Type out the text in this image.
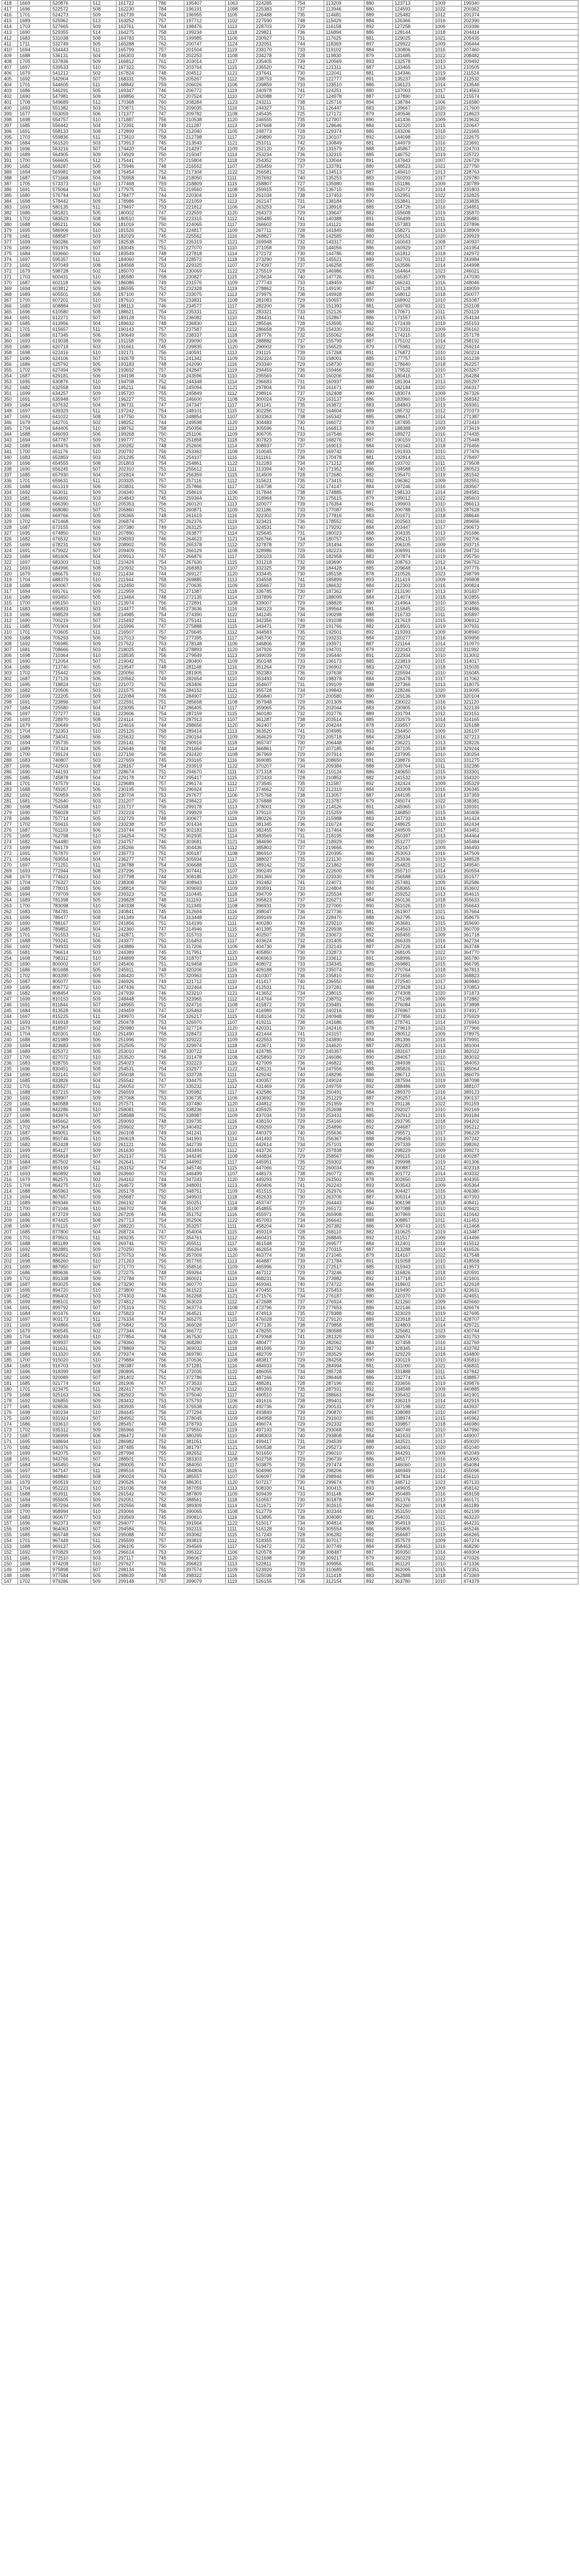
418	1669	520876	512	161722	786	195407	1063	224285	754	113209	880	123713	1009	199340
417	1696	522572	508	162230	784	196191	1098	225383	737	113946	880	124593	1022	200362
416	1701	524273	509	162739	764	196955	1105	226488	735	114681	889	125482	1012	201374
415	1689	525962	513	163252	757	197712	1102	227590	748	115429	884	126366	1016	202390
414	1703	527665	509	163761	764	198476	1113	228703	729	116158	892	127258	1006	203396
413	1690	529355	514	164275	758	199234	1118	229821	736	116894	886	128144	1018	204414
412	1683	531038	508	164783	751	199985	1106	230927	731	117625	881	129025	1021	205435
411	1711	532749	505	165288	762	200747	1124	232051	744	118369	897	129922	1009	206444
410	1694	534443	511	165799	757	201504	1119	233170	733	119102	884	130806	1016	207460
409	1688	536131	504	166303	749	202253	1108	234278	728	119830	879	131685	1022	208482
408	1705	537836	509	166812	761	203014	1127	235405	739	120569	893	132578	1010	209492
407	1697	539533	510	167322	750	203764	1115	236520	742	121311	887	133465	1013	210505
406	1679	541212	502	167824	748	204512	1121	237641	730	122041	881	134346	1019	211524
405	1692	542904	507	168331	755	205267	1112	238753	736	122777	891	135237	1008	212532
404	1701	544605	511	168842	759	206026	1106	239859	733	123510	886	136123	1014	213546
403	1686	546291	505	169347	746	206772	1119	240978	741	124251	880	137003	1017	214563
402	1690	547981	509	169856	752	207524	1110	242088	727	124978	887	137890	1011	215574
401	1708	549689	512	170368	760	208284	1123	243211	738	125716	894	138784	1006	216580
400	1693	551382	503	170871	751	209035	1116	244327	731	126447	883	139667	1020	217600
399	1677	553059	506	171377	747	209782	1108	245435	725	127172	879	140546	1023	218623
398	1698	554757	510	171887	756	210538	1120	246555	735	127907	890	141436	1009	219632
397	1685	556442	504	172391	749	211287	1113	247668	739	128646	884	142320	1015	220647
396	1691	558133	508	172899	753	212040	1105	248773	728	129374	886	143206	1018	221665
395	1703	559836	511	173410	758	212798	1117	249890	733	130107	892	144098	1010	222675
394	1684	561520	503	173913	745	213543	1121	251011	742	130849	881	144979	1016	223691
393	1696	563216	507	174420	754	214297	1109	252120	730	131579	888	145867	1012	224703
392	1689	564905	509	174929	750	215047	1114	253234	736	132315	885	146752	1019	225722
391	1700	566605	512	175441	757	215804	1118	254352	729	133044	891	147643	1007	226729
390	1682	568287	505	175946	748	216552	1107	255459	737	133781	880	148523	1021	227750
389	1694	569981	508	176454	752	217304	1122	256581	732	134513	887	149410	1013	228763
388	1687	571668	504	176958	746	218050	1111	257692	740	135253	883	150293	1017	229780
387	1705	573373	510	177468	759	218809	1115	258807	727	135980	893	151186	1009	230789
386	1691	575064	507	177975	751	219560	1108	259915	735	136715	886	152072	1014	231803
385	1680	576744	502	178477	744	220304	1119	261034	738	137453	879	152951	1022	232825
384	1698	578442	509	178986	755	221059	1113	262147	731	138184	890	153841	1010	233835
383	1693	580135	511	179497	753	221812	1106	263253	734	138918	885	154726	1016	234851
382	1686	581821	505	180002	747	222559	1120	264373	729	139647	882	155608	1019	235870
381	1702	583523	508	180510	756	223315	1112	265485	741	140388	891	156499	1011	236881
380	1688	585211	506	181016	750	224065	1117	266602	733	141121	884	157383	1015	237896
379	1695	586906	510	181526	752	224817	1109	267711	728	141849	888	158271	1013	238909
378	1681	588587	503	182029	745	225562	1116	268827	736	142585	880	159151	1020	239929
377	1699	590286	509	182538	757	226319	1121	269948	732	143317	892	160043	1008	240937
376	1690	591976	507	183045	751	227070	1110	271058	739	144056	886	160929	1017	241954
375	1684	593660	504	183549	748	227818	1114	272172	730	144786	883	161812	1018	242972
374	1697	595357	511	184060	754	228572	1118	273290	735	145521	889	162701	1012	243984
373	1692	597049	508	184568	753	229325	1107	274397	737	146258	885	163586	1014	244998
372	1679	598728	502	185070	744	230069	1122	275519	728	146986	878	164464	1023	246021
371	1703	600431	510	185580	758	230827	1115	276634	740	147726	893	165357	1009	247030
370	1687	602118	506	186086	749	231576	1109	277743	733	148459	884	166241	1016	248046
369	1694	603812	509	186595	752	232328	1119	278862	731	149190	887	167128	1013	249059
368	1689	605501	505	187100	747	233075	1113	279975	738	149928	884	168012	1018	250077
367	1700	607201	510	187610	756	233831	1108	281083	729	150657	890	168902	1010	251087
366	1683	608884	503	188113	746	234577	1117	282200	736	151393	881	169783	1021	252108
365	1696	610580	508	188621	754	235331	1121	283321	733	152126	888	170671	1011	253119
364	1691	612271	507	189128	751	236082	1110	284431	741	152867	886	171557	1015	254134
363	1685	613956	504	189632	748	236830	1115	285546	728	153595	882	172439	1019	255153
362	1701	615657	511	190143	757	237587	1112	286658	735	154330	892	173331	1009	256162
361	1688	617345	506	190649	750	238337	1118	287776	732	155062	884	174215	1016	257178
360	1693	619038	509	191158	753	239090	1106	288882	737	155799	887	175102	1014	258192
359	1680	620718	503	191661	745	239835	1120	290002	730	156529	879	175981	1022	259214
358	1698	622416	510	192171	756	240591	1113	291115	739	157268	891	176872	1010	260224
357	1690	624106	507	192678	751	241342	1109	292224	733	158001	885	177757	1015	261239
356	1686	625792	505	193183	748	242090	1116	293340	729	158730	883	178640	1018	262257
355	1702	627494	509	193692	757	242847	1119	294459	736	159466	892	179532	1010	263267
354	1687	629181	506	194198	749	243596	1110	295569	740	160206	884	180416	1017	264284
353	1695	630876	510	194708	752	244348	1114	296683	731	160937	888	181304	1013	265297
352	1682	632558	503	195211	746	245094	1121	297804	734	161671	880	182184	1020	266317
351	1699	634257	509	195720	755	245849	1112	298916	737	162408	890	183074	1009	267326
350	1691	635948	507	196227	751	246600	1108	300024	729	163137	886	183960	1016	268342
349	1684	637632	504	196731	747	247347	1117	301141	735	163872	883	184843	1019	269361
348	1697	639329	511	197242	754	248101	1115	302256	732	164604	889	185732	1012	270373
347	1693	641022	508	197750	753	248854	1107	303363	738	165342	885	186617	1014	271387
346	1679	642701	502	198252	744	249598	1120	304483	730	166072	878	187495	1023	272410
345	1704	644405	510	198762	758	250356	1113	305596	741	166813	893	188388	1009	273419
344	1688	646093	506	199268	750	251106	1109	306705	733	167546	884	189272	1016	274435
343	1694	647787	509	199777	752	251858	1118	307823	730	168276	887	190159	1013	275448
342	1689	649476	505	200282	748	252606	1114	308937	737	169013	884	191043	1018	276466
341	1700	651176	510	200792	756	253362	1108	310045	729	169742	890	191933	1010	277476
340	1683	652859	503	201295	745	254107	1116	311161	736	170478	881	192814	1021	278497
339	1696	654555	508	201803	754	254861	1122	312283	734	171212	888	193702	1011	279508
338	1690	656245	507	202310	751	255612	1111	313394	740	171952	886	194588	1015	280523
337	1685	657930	504	202814	747	256359	1115	314509	728	172680	882	195470	1019	281542
336	1701	659631	511	203325	757	257116	1112	315621	735	173415	892	196362	1009	282551
335	1688	661319	506	203831	750	257866	1117	316738	732	174147	884	197246	1016	283567
334	1692	663011	509	204340	753	258619	1106	317844	738	174885	887	198133	1014	284581
333	1681	664692	503	204843	745	259364	1120	318964	730	175615	879	199012	1022	285603
332	1698	666390	510	205353	756	260120	1113	320077	739	176354	891	199903	1010	286613
331	1690	668080	507	205860	751	260871	1109	321186	733	177087	885	200788	1015	287628
330	1686	669766	505	206365	748	261619	1116	322302	729	177816	883	201671	1018	288646
329	1702	671468	509	206874	757	262376	1119	323421	736	178552	892	202563	1010	289656
328	1687	673155	506	207380	749	263125	1110	324531	740	179292	884	203447	1017	290673
327	1695	674850	510	207890	752	263877	1114	325645	731	180023	888	204335	1013	291686
326	1682	676532	503	208393	746	264623	1121	326766	734	180757	880	205215	1020	292706
325	1699	678231	509	208902	755	265378	1112	327878	737	181494	890	206105	1009	293715
324	1691	679922	507	209409	751	266129	1108	328986	729	182223	886	206991	1016	294731
323	1684	681606	504	209913	747	266876	1117	330103	735	182958	883	207874	1019	295750
322	1697	683303	511	210424	754	267630	1115	331218	732	183690	889	208763	1012	296762
321	1693	684996	508	210932	753	268383	1107	332325	738	184428	885	209648	1014	297776
320	1679	686675	502	211434	744	269127	1120	333445	730	185158	878	210526	1023	298799
319	1704	688379	510	211944	758	269885	1113	334558	741	185899	893	211419	1009	299808
318	1688	690067	506	212450	750	270635	1109	335667	733	186632	884	212303	1016	300824
317	1694	691761	509	212959	752	271387	1118	336785	730	187362	887	213190	1013	301837
316	1689	693450	505	213464	748	272135	1114	337899	737	188099	884	214074	1018	302855
315	1700	695150	510	213974	756	272891	1108	339007	729	188828	890	214964	1010	303865
314	1683	696833	503	214477	745	273636	1116	340123	736	189564	881	215845	1021	304886
313	1696	698529	508	214985	754	274390	1122	341245	734	190298	888	216733	1011	305897
312	1690	700219	507	215492	751	275141	1111	342356	740	191038	886	217619	1015	306912
311	1685	701904	504	215996	747	275888	1115	343471	728	191766	882	218501	1019	307931
310	1701	703605	511	216507	757	276645	1112	344583	735	192501	892	219393	1009	308940
309	1688	705293	506	217013	750	277395	1117	345700	732	193233	884	220277	1016	309956
308	1692	706985	509	217522	753	278148	1106	346806	738	193971	887	221164	1014	310970
307	1681	708666	503	218025	745	278893	1120	347926	730	194701	879	222043	1022	311992
306	1698	710364	510	218535	756	279649	1113	349039	739	195440	891	222934	1010	313002
305	1690	712054	507	219042	751	280400	1109	350148	733	196173	885	223819	1015	314017
304	1686	713740	505	219547	748	281148	1116	351264	729	196902	883	224702	1018	315035
303	1702	715442	509	220056	757	281905	1119	352383	736	197638	892	225594	1010	316045
302	1687	717129	506	220562	749	282654	1110	353493	740	198378	884	226478	1017	317062
301	1695	718824	510	221072	752	283406	1114	354607	731	199109	888	227366	1013	318075
300	1682	720506	503	221575	746	284152	1121	355728	734	199843	880	228246	1020	319095
299	1699	722205	509	222084	755	284907	1112	356840	737	200580	890	229136	1009	320104
298	1691	723896	507	222591	751	285658	1108	357948	729	201309	886	230022	1016	321120
297	1684	725580	504	223095	747	286405	1117	359065	735	202044	883	230905	1019	322139
296	1697	727277	511	223606	754	287159	1115	360180	732	202776	889	231794	1012	323151
295	1693	728970	508	224114	753	287912	1107	361287	738	203514	885	232679	1014	324165
294	1679	730649	502	224616	744	288656	1120	362407	730	204244	878	233557	1023	325188
293	1704	732353	510	225126	758	289414	1113	363520	741	204985	893	234450	1009	326197
292	1688	734041	506	225632	750	290164	1109	364629	733	205718	884	235334	1016	327213
291	1694	735735	509	226141	752	290916	1118	365747	730	206448	887	236221	1013	328226
290	1689	737424	505	226646	748	291664	1114	366861	737	207185	884	237105	1018	329244
289	1700	739124	510	227156	756	292420	1108	367969	729	207914	890	237995	1010	330254
288	1683	740807	503	227659	745	293165	1116	369085	736	208650	881	238876	1021	331275
287	1696	742503	508	228167	754	293919	1122	370207	734	209384	888	239764	1011	332286
286	1690	744193	507	228674	751	294670	1111	371318	740	210124	886	240650	1015	333301
285	1685	745878	504	229178	747	295417	1115	372433	728	210852	882	241532	1019	334320
284	1701	747579	511	229689	757	296174	1112	373545	735	211587	892	242424	1009	335329
283	1688	749267	506	230195	750	296924	1117	374662	732	212319	884	243308	1016	336345
282	1692	750959	509	230704	753	297677	1106	375768	738	213057	887	244195	1014	337359
281	1681	752640	503	231207	745	298422	1120	376888	730	213787	879	245074	1022	338381
280	1698	754338	510	231717	756	299178	1113	378001	739	214526	891	245965	1010	339391
279	1690	756028	507	232224	751	299929	1109	379110	733	215259	885	246850	1015	340406
278	1686	757714	505	232729	748	300677	1116	380226	729	215988	883	247733	1018	341424
277	1702	759416	509	233238	757	301434	1119	381345	736	216724	892	248625	1010	342434
276	1687	761103	506	233744	749	302183	1110	382455	740	217464	884	249509	1017	343451
275	1695	762798	510	234254	752	302935	1114	383569	731	218195	888	250397	1013	344464
274	1682	764480	503	234757	746	303681	1121	384690	734	218929	880	251277	1020	345484
273	1699	766179	509	235266	755	304436	1112	385802	737	219666	890	252167	1009	346493
272	1691	767870	507	235773	751	305187	1108	386910	729	220395	886	253053	1016	347509
271	1684	769554	504	236277	747	305934	1117	388027	735	221130	883	253936	1019	348528
270	1697	771251	511	236788	754	306688	1115	389142	732	221862	889	254825	1012	349540
269	1693	772944	508	237296	753	307441	1107	390249	738	222600	885	255710	1014	350554
268	1679	774623	502	237798	744	308185	1120	391369	730	223330	878	256588	1023	351577
267	1704	776327	510	238308	758	308943	1113	392482	741	224071	893	257481	1009	352586
266	1688	778015	506	238814	750	309693	1109	393591	733	224804	884	258365	1016	353602
265	1694	779709	509	239323	752	310445	1118	394709	730	225534	887	259252	1013	354615
264	1689	781398	505	239828	748	311193	1114	395823	737	226271	884	260136	1018	355633
263	1700	783098	510	240338	756	311949	1108	396931	729	227000	890	261026	1010	356643
262	1683	784781	503	240841	745	312694	1116	398047	736	227736	881	261907	1021	357664
261	1696	786477	508	241349	754	313448	1122	399169	734	228470	888	262795	1011	358675
260	1690	788167	507	241856	751	314199	1111	400280	740	229210	886	263681	1015	359690
259	1685	789852	504	242360	747	314946	1115	401395	728	229938	882	264563	1019	360709
258	1701	791553	511	242871	757	315703	1112	402507	735	230673	892	265455	1009	361718
257	1688	793241	506	243377	750	316453	1117	403624	732	231405	884	266339	1016	362734
256	1692	794933	509	243886	753	317206	1106	404730	738	232143	887	267226	1014	363748
255	1681	796614	503	244389	745	317951	1120	405850	730	232873	879	268105	1022	364770
254	1698	798312	510	244899	756	318707	1113	406963	739	233612	891	268996	1010	365780
253	1690	800002	507	245406	751	319458	1109	408072	733	234345	885	269881	1015	366795
252	1686	801688	505	245911	748	320206	1116	409188	729	235074	883	270764	1018	367813
251	1702	803390	509	246420	757	320963	1119	410307	736	235810	892	271656	1010	368823
250	1687	805077	506	246926	749	321712	1110	411417	740	236550	884	272540	1017	369840
249	1695	806772	510	247436	752	322464	1114	412531	731	237281	888	273428	1013	370853
248	1682	808454	503	247939	746	323210	1121	413652	734	238015	880	274308	1020	371873
247	1699	810153	509	248448	755	323965	1112	414764	737	238752	890	275198	1009	372882
246	1691	811844	507	248955	751	324716	1108	415872	729	239481	886	276084	1016	373898
245	1684	813528	504	249459	747	325463	1117	416989	735	240216	883	276967	1019	374917
244	1697	815225	511	249970	754	326217	1115	418104	732	240948	889	277856	1012	375929
243	1693	816918	508	250478	753	326970	1107	419211	738	241686	885	278741	1014	376943
242	1679	818597	502	250980	744	327714	1120	420331	730	242416	878	279619	1023	377966
241	1704	820301	510	251490	758	328472	1113	421444	741	243157	893	280512	1009	378975
240	1688	821989	506	251996	750	329222	1109	422553	733	243890	884	281396	1016	379991
239	1694	823683	509	252505	752	329974	1118	423671	730	244620	887	282283	1013	381004
238	1689	825372	505	253010	748	330722	1114	424785	737	245357	884	283167	1018	382022
237	1700	827072	510	253520	756	331478	1108	425893	729	246086	890	284057	1010	383032
236	1683	828755	503	254023	745	332223	1116	427009	736	246822	881	284938	1021	384053
235	1696	830451	508	254531	754	332977	1122	428131	734	247556	888	285826	1011	385064
234	1690	832141	507	255038	751	333728	1111	429242	740	248296	886	286712	1015	386079
233	1685	833826	504	255542	747	334475	1115	430357	728	249024	882	287594	1019	387098
232	1701	835527	511	256053	757	335232	1112	431469	735	249759	892	288486	1009	388107
231	1688	837215	506	256559	750	335982	1117	432586	732	250491	884	289370	1016	389123
230	1692	838907	509	257068	753	336735	1106	433692	738	251229	887	290257	1014	390137
229	1681	840588	503	257571	745	337480	1120	434812	730	251959	879	291136	1022	391159
228	1698	842286	510	258081	756	338236	1113	435925	739	252698	891	292027	1010	392169
227	1690	843976	507	258588	751	338987	1109	437034	733	253431	885	292912	1015	393184
226	1686	845662	505	259093	748	339735	1116	438150	729	254160	883	293795	1018	394202
225	1702	847364	509	259602	757	340492	1119	439269	736	254896	892	294687	1010	395212
224	1687	849051	506	260108	749	341241	1110	440379	740	255636	884	295571	1017	396229
223	1695	850746	510	260618	752	341993	1114	441493	731	256367	888	296459	1013	397242
222	1682	852428	503	261121	746	342739	1121	442614	734	257101	880	297339	1020	398262
221	1699	854127	509	261630	755	343494	1112	443726	737	257838	890	298229	1009	399271
220	1691	855818	507	262137	751	344245	1108	444834	729	258567	886	299115	1016	400287
219	1684	857502	504	262641	747	344992	1117	445951	735	259302	883	299998	1019	401306
218	1697	859199	511	263152	754	345746	1115	447066	732	260034	889	300887	1012	402318
217	1693	860892	508	263660	753	346499	1107	448173	738	260772	885	301772	1014	403332
216	1679	862571	502	264162	744	347243	1120	449293	730	261502	878	302650	1023	404355
215	1704	864275	510	264672	758	348001	1113	450406	741	262243	893	303543	1009	405364
214	1688	865963	506	265178	750	348751	1109	451515	733	262976	884	304427	1016	406380
213	1694	867657	509	265687	752	349503	1118	452633	730	263706	887	305314	1013	407393
212	1689	869346	505	266192	748	350251	1114	453747	737	264443	884	306198	1018	408411
211	1700	871046	510	266702	756	351007	1108	454855	729	265172	890	307088	1010	409421
210	1683	872729	503	267205	745	351752	1116	455971	736	265908	881	307969	1021	410442
209	1696	874425	508	267713	754	352506	1122	457093	734	266642	888	308857	1011	411453
208	1690	876115	507	268220	751	353257	1111	458204	740	267382	886	309743	1015	412468
207	1685	877800	504	268724	747	354004	1115	459319	728	268110	882	310625	1019	413487
206	1701	879501	511	269235	757	354761	1112	460431	735	268845	892	311517	1009	414496
205	1688	881189	506	269741	750	355511	1117	461548	732	269577	884	312401	1016	415512
204	1692	882881	509	270250	753	356264	1106	462654	738	270315	887	313288	1014	416526
203	1681	884562	503	270753	745	357009	1120	463774	730	271045	879	314167	1022	417548
202	1698	886260	510	271263	756	357765	1113	464887	739	271784	891	315058	1010	418558
201	1690	887950	507	271770	751	358516	1109	465996	733	272517	885	315943	1015	419573
200	1686	889636	505	272275	748	359264	1116	467112	729	273246	883	316826	1018	420591
199	1702	891338	509	272784	757	360021	1119	468231	736	273982	892	317718	1010	421601
198	1687	893025	506	273290	749	360770	1110	469341	740	274722	884	318602	1017	422618
197	1695	894720	510	273800	752	361522	1114	470455	731	275453	888	319490	1013	423631
196	1682	896402	503	274303	746	362268	1121	471576	734	276187	880	320370	1020	424651
195	1699	898101	509	274812	755	363023	1112	472688	737	276924	890	321260	1009	425660
194	1691	899792	507	275319	751	363774	1108	473796	729	277653	886	322146	1016	426676
193	1684	901476	504	275823	747	364521	1117	474913	735	278388	883	323029	1019	427695
192	1697	903173	511	276334	754	365275	1115	476028	732	279120	889	323918	1012	428707
191	1693	904866	508	276842	753	366028	1107	477135	738	279858	885	324803	1014	429721
190	1679	906545	502	277344	744	366772	1120	478255	730	280588	878	325681	1023	430744
189	1704	908249	510	277854	758	367530	1113	479368	741	281329	893	326574	1009	431753
188	1688	909937	506	278360	750	368280	1109	480477	733	282062	884	327458	1016	432769
187	1694	911631	509	278869	752	369032	1118	481595	730	282792	887	328345	1013	433782
186	1689	913320	505	279374	748	369780	1114	482709	737	283529	884	329229	1018	434800
185	1700	915020	510	279884	756	370536	1108	483817	729	284258	890	330119	1010	435810
184	1683	916703	503	280387	745	371281	1116	484933	736	284994	881	331000	1021	436831
183	1696	918399	508	280895	754	372035	1122	486055	734	285728	888	331888	1011	437842
182	1690	920089	507	281402	751	372786	1111	487166	740	286468	886	332774	1015	438857
181	1685	921774	504	281906	747	373533	1115	488281	728	287196	882	333656	1019	439876
180	1701	923475	511	282417	757	374290	1112	489393	735	287931	892	334548	1009	440885
179	1688	925163	506	282923	750	375040	1117	490510	732	288663	884	335432	1016	441901
178	1692	926855	509	283432	753	375793	1106	491616	738	289401	887	336319	1014	442915
177	1681	928536	503	283935	745	376538	1120	492736	730	290131	879	337198	1022	443937
176	1698	930234	510	284445	756	377294	1113	493849	739	290870	891	338089	1010	444947
175	1690	931924	507	284952	751	378045	1109	494958	733	291603	885	338974	1015	445962
174	1686	933610	505	285457	748	378793	1116	496074	729	292332	883	339857	1018	446980
173	1702	935312	509	285966	757	379550	1119	497193	736	293068	892	340749	1010	447990
172	1687	936999	506	286472	749	380299	1110	498303	740	293808	884	341633	1017	449007
171	1695	938694	510	286982	752	381051	1114	499417	731	294539	888	342521	1013	450020
170	1682	940376	503	287485	746	381797	1121	500538	734	295273	880	343401	1020	451040
169	1699	942075	509	287994	755	382552	1112	501650	737	296010	890	344291	1009	452049
168	1691	943766	507	288501	751	383303	1108	502758	729	296739	886	345177	1016	453065
167	1684	945450	504	289005	747	384050	1117	503875	735	297474	883	346060	1019	454084
166	1697	947147	511	289516	754	384804	1115	504990	732	298206	889	346949	1012	455096
165	1693	948840	508	290024	753	385557	1107	506097	738	298944	885	347834	1014	456110
164	1679	950519	502	290526	744	386301	1120	507217	730	299674	878	348712	1023	457133
163	1704	952223	510	291036	758	387059	1113	508330	741	300415	893	349605	1009	458142
162	1688	953911	506	291542	750	387809	1109	509439	733	301148	884	350489	1016	459158
161	1694	955605	509	292051	752	388561	1118	510557	730	301878	887	351376	1013	460171
160	1689	957294	505	292556	748	389309	1114	511671	737	302615	884	352260	1018	461189
159	1700	958994	510	293066	756	390065	1108	512779	729	303344	890	353150	1010	462199
158	1683	960677	503	293569	745	390810	1116	513895	736	304080	881	354031	1021	463220
157	1696	962373	508	294077	754	391564	1122	515017	734	304814	888	354919	1011	464231
156	1690	964063	507	294584	751	392315	1111	516128	740	305554	886	355805	1015	465246
155	1685	965748	504	295088	747	393062	1115	517243	728	306282	882	356687	1019	466265
154	1701	967449	511	295599	757	393819	1112	518355	735	307017	892	357579	1009	467274
153	1688	969137	506	296105	750	394569	1117	519472	732	307749	884	358463	1016	468290
152	1692	970829	509	296614	753	395322	1106	520578	738	308487	887	359350	1014	469304
151	1681	972510	503	297117	745	396067	1120	521698	730	309217	879	360229	1022	470326
150	1698	974208	510	297627	756	396823	1113	522811	739	309956	891	361120	1010	471336
149	1690	975898	507	298134	751	397574	1109	523920	733	310689	885	362005	1015	472351
148	1686	977584	505	298639	748	398322	1116	525036	729	311418	883	362888	1018	473369
147	1702	979286	509	299148	757	399079	1119	526155	736	312154	892	363780	1010	474379
